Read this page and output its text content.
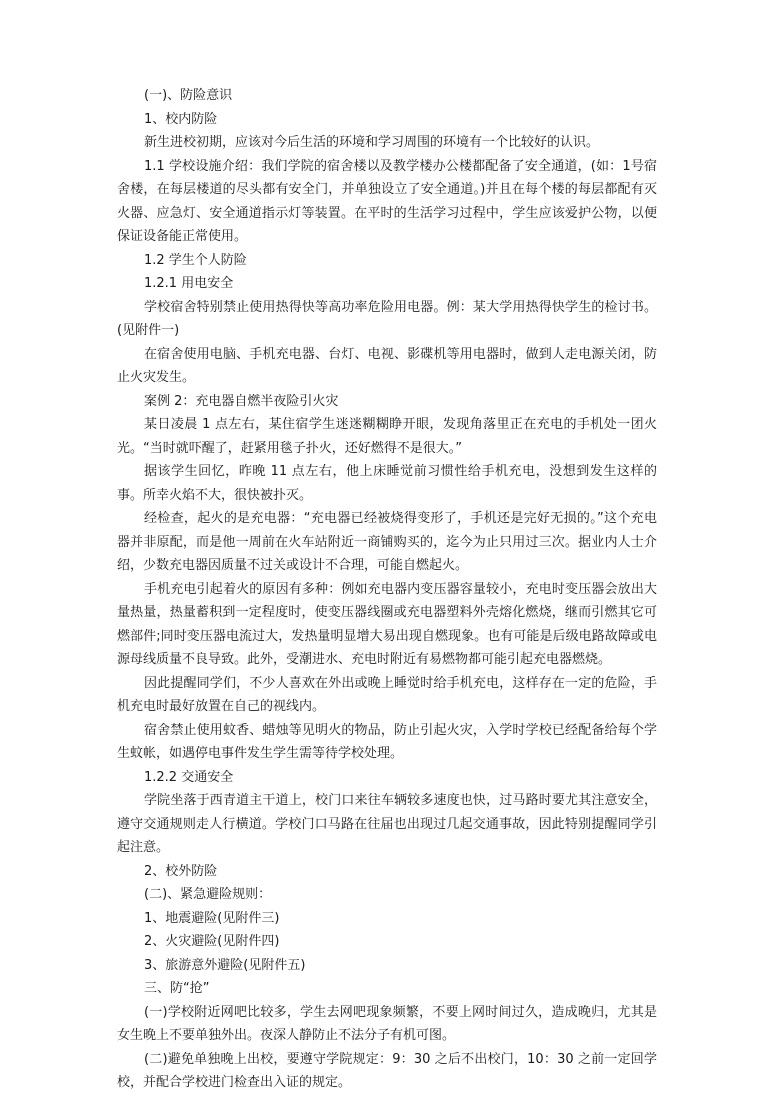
(一)、防险意识

1、校内防险

新生进校初期，应该对今后生活的环境和学习周围的环境有一个比较好的认识。

1.1 学校设施介绍：我们学院的宿舍楼以及教学楼办公楼都配备了安全通道，(如：1号宿舍楼，在每层楼道的尽头都有安全门，并单独设立了安全通道。)并且在每个楼的每层都配有灭火器、应急灯、安全通道指示灯等装置。在平时的生活学习过程中，学生应该爱护公物，以便保证设备能正常使用。

1.2 学生个人防险

1.2.1 用电安全

学校宿舍特别禁止使用热得快等高功率危险用电器。例：某大学用热得快学生的检讨书。(见附件一)

在宿舍使用电脑、手机充电器、台灯、电视、影碟机等用电器时，做到人走电源关闭，防止火灾发生。

案例 2：充电器自燃半夜险引火灾

某日凌晨 1 点左右，某住宿学生迷迷糊糊睁开眼，发现角落里正在充电的手机处一团火光。“当时就吓醒了，赶紧用毯子扑火，还好燃得不是很大。”

据该学生回忆，昨晚 11 点左右，他上床睡觉前习惯性给手机充电，没想到发生这样的事。所幸火焰不大，很快被扑灭。

经检查，起火的是充电器：“充电器已经被烧得变形了，手机还是完好无损的。”这个充电器并非原配，而是他一周前在火车站附近一商铺购买的，迄今为止只用过三次。据业内人士介绍，少数充电器因质量不过关或设计不合理，可能自燃起火。

手机充电引起着火的原因有多种：例如充电器内变压器容量较小，充电时变压器会放出大量热量，热量蓄积到一定程度时，使变压器线圈或充电器塑料外壳熔化燃烧，继而引燃其它可燃部件;同时变压器电流过大，发热量明显增大易出现自燃现象。也有可能是后级电路故障或电源母线质量不良导致。此外，受潮进水、充电时附近有易燃物都可能引起充电器燃烧。

因此提醒同学们，不少人喜欢在外出或晚上睡觉时给手机充电，这样存在一定的危险，手机充电时最好放置在自己的视线内。

宿舍禁止使用蚊香、蜡烛等见明火的物品，防止引起火灾，入学时学校已经配备给每个学生蚊帐，如遇停电事件发生学生需等待学校处理。

1.2.2 交通安全

学院坐落于西青道主干道上，校门口来往车辆较多速度也快，过马路时要尤其注意安全，遵守交通规则走人行横道。学校门口马路在往届也出现过几起交通事故，因此特别提醒同学引起注意。

2、校外防险

(二)、紧急避险规则：

1、地震避险(见附件三)

2、火灾避险(见附件四)

3、旅游意外避险(见附件五)

三、防“抢”

(一)学校附近网吧比较多，学生去网吧现象频繁，不要上网时间过久，造成晚归，尤其是女生晚上不要单独外出。夜深人静防止不法分子有机可图。

(二)避免单独晚上出校，要遵守学院规定：9：30 之后不出校门，10：30 之前一定回学校，并配合学校进门检查出入证的规定。
